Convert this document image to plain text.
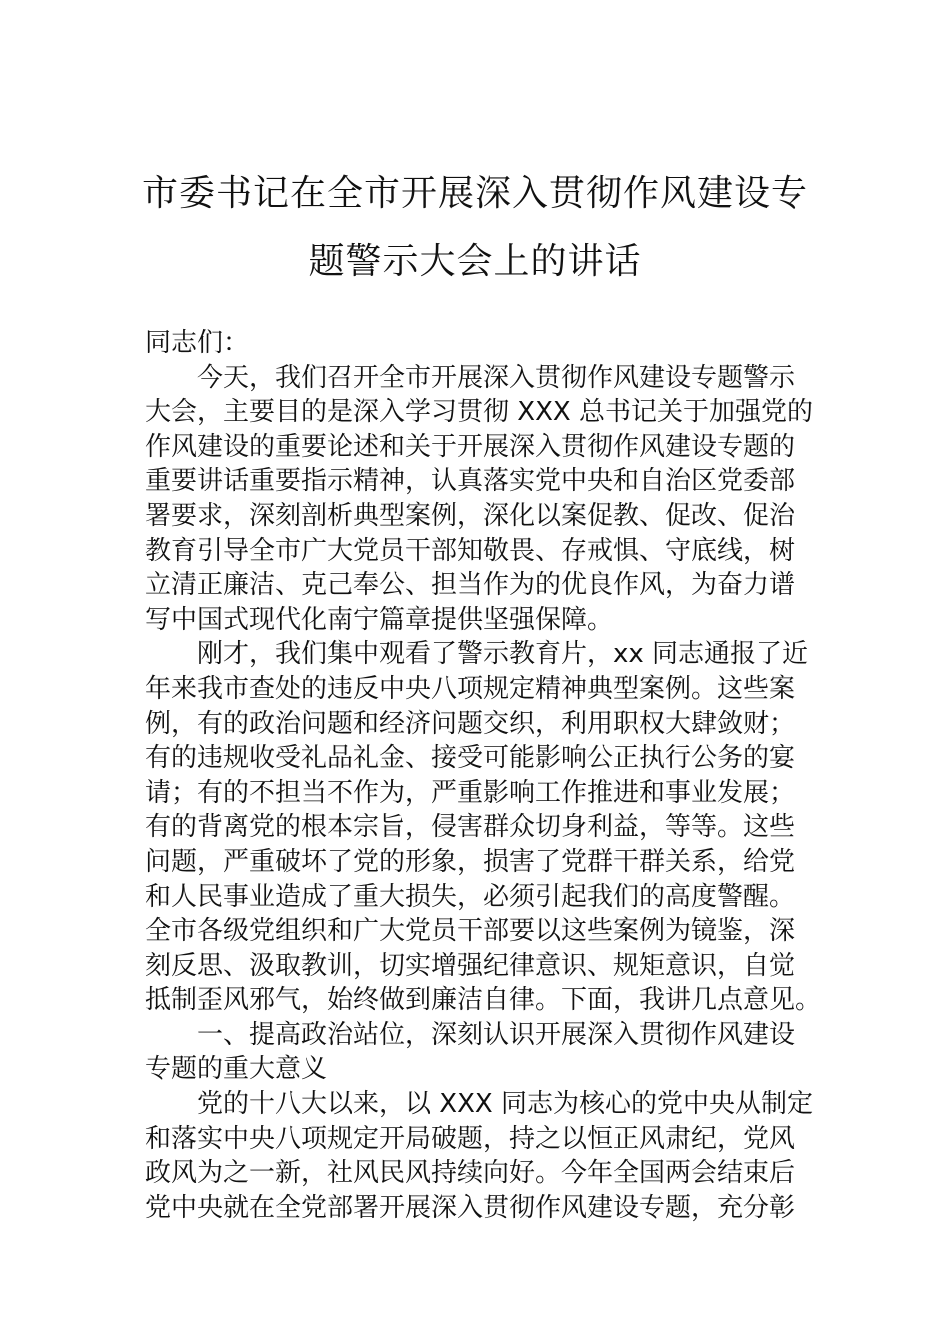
市委书记在全市开展深入贯彻作风建设专
题警示大会上的讲话
同志们：
今天，我们召开全市开展深入贯彻作风建设专题警示
大会，主要目的是深入学习贯彻 XXX 总书记关于加强党的
作风建设的重要论述和关于开展深入贯彻作风建设专题的
重要讲话重要指示精神，认真落实党中央和自治区党委部
署要求，深刻剖析典型案例，深化以案促教、促改、促治
教育引导全市广大党员干部知敬畏、存戒惧、守底线，树
立清正廉洁、克己奉公、担当作为的优良作风，为奋力谱
写中国式现代化南宁篇章提供坚强保障。
刚才，我们集中观看了警示教育片，xx 同志通报了近
年来我市查处的违反中央八项规定精神典型案例。这些案
例，有的政治问题和经济问题交织，利用职权大肆敛财；
有的违规收受礼品礼金、接受可能影响公正执行公务的宴
请；有的不担当不作为，严重影响工作推进和事业发展；
有的背离党的根本宗旨，侵害群众切身利益，等等。这些
问题，严重破坏了党的形象，损害了党群干群关系，给党
和人民事业造成了重大损失，必须引起我们的高度警醒。
全市各级党组织和广大党员干部要以这些案例为镜鉴，深
刻反思、汲取教训，切实增强纪律意识、规矩意识，自觉
抵制歪风邪气，始终做到廉洁自律。下面，我讲几点意见。
一、提高政治站位，深刻认识开展深入贯彻作风建设
专题的重大意义
党的十八大以来，以 XXX 同志为核心的党中央从制定
和落实中央八项规定开局破题，持之以恒正风肃纪，党风
政风为之一新，社风民风持续向好。今年全国两会结束后
党中央就在全党部署开展深入贯彻作风建设专题，充分彰
